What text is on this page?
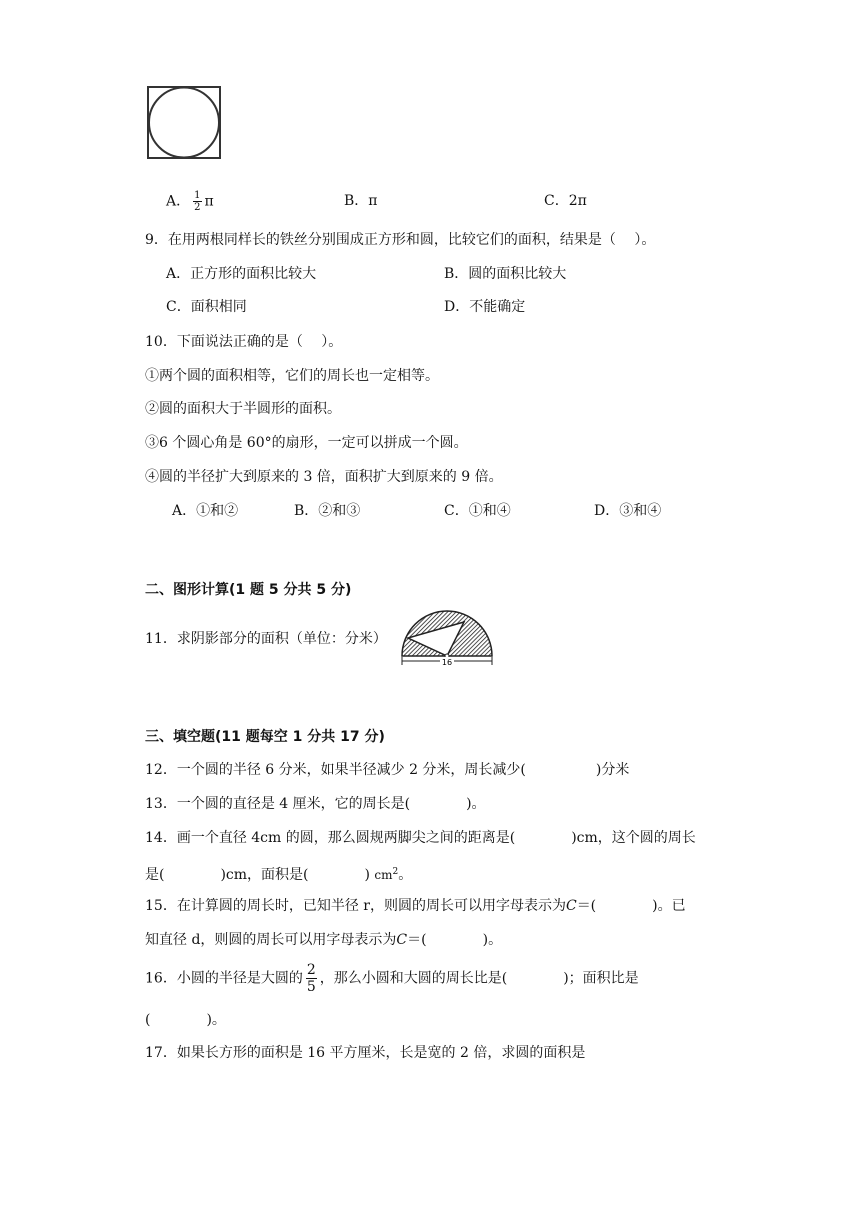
A． $\frac{1}{2}$ π	B．π	C．2π
9．在用两根同样长的铁丝分别围成正方形和圆，比较它们的面积，结果是（　 ）。
A．正方形的面积比较大	B．圆的面积比较大
C．面积相同	D．不能确定
10．下面说法正确的是（　 ）。
①两个圆的面积相等，它们的周长也一定相等。
②圆的面积大于半圆形的面积。
③6 个圆心角是 60°的扇形，一定可以拼成一个圆。
④圆的半径扩大到原来的 3 倍，面积扩大到原来的 9 倍。
A．①和②	B．②和③	C．①和④	D．③和④
二、图形计算(1 题 5 分共 5 分)
11．求阴影部分的面积（单位：分米）
16
三、填空题(11 题每空 1 分共 17 分)
12．一个圆的半径 6 分米，如果半径减少 2 分米，周长减少(　　　　　)分米
13．一个圆的直径是 4 厘米，它的周长是(　　　　)。
14．画一个直径 4cm 的圆，那么圆规两脚尖之间的距离是(　　　　)cm，这个圆的周长
是(　　　　)cm，面积是(　　　　) $cm^2$。
15．在计算圆的周长时，已知半径 r，则圆的周长可以用字母表示为C＝(　　　　)。已
知直径 d，则圆的周长可以用字母表示为C＝(　　　　)。
16．小圆的半径是大圆的 $\frac{2}{5}$ ，那么小圆和大圆的周长比是(　　　　)；面积比是
(　　　　)。
17．如果长方形的面积是 16 平方厘米，长是宽的 2 倍，求圆的面积是
